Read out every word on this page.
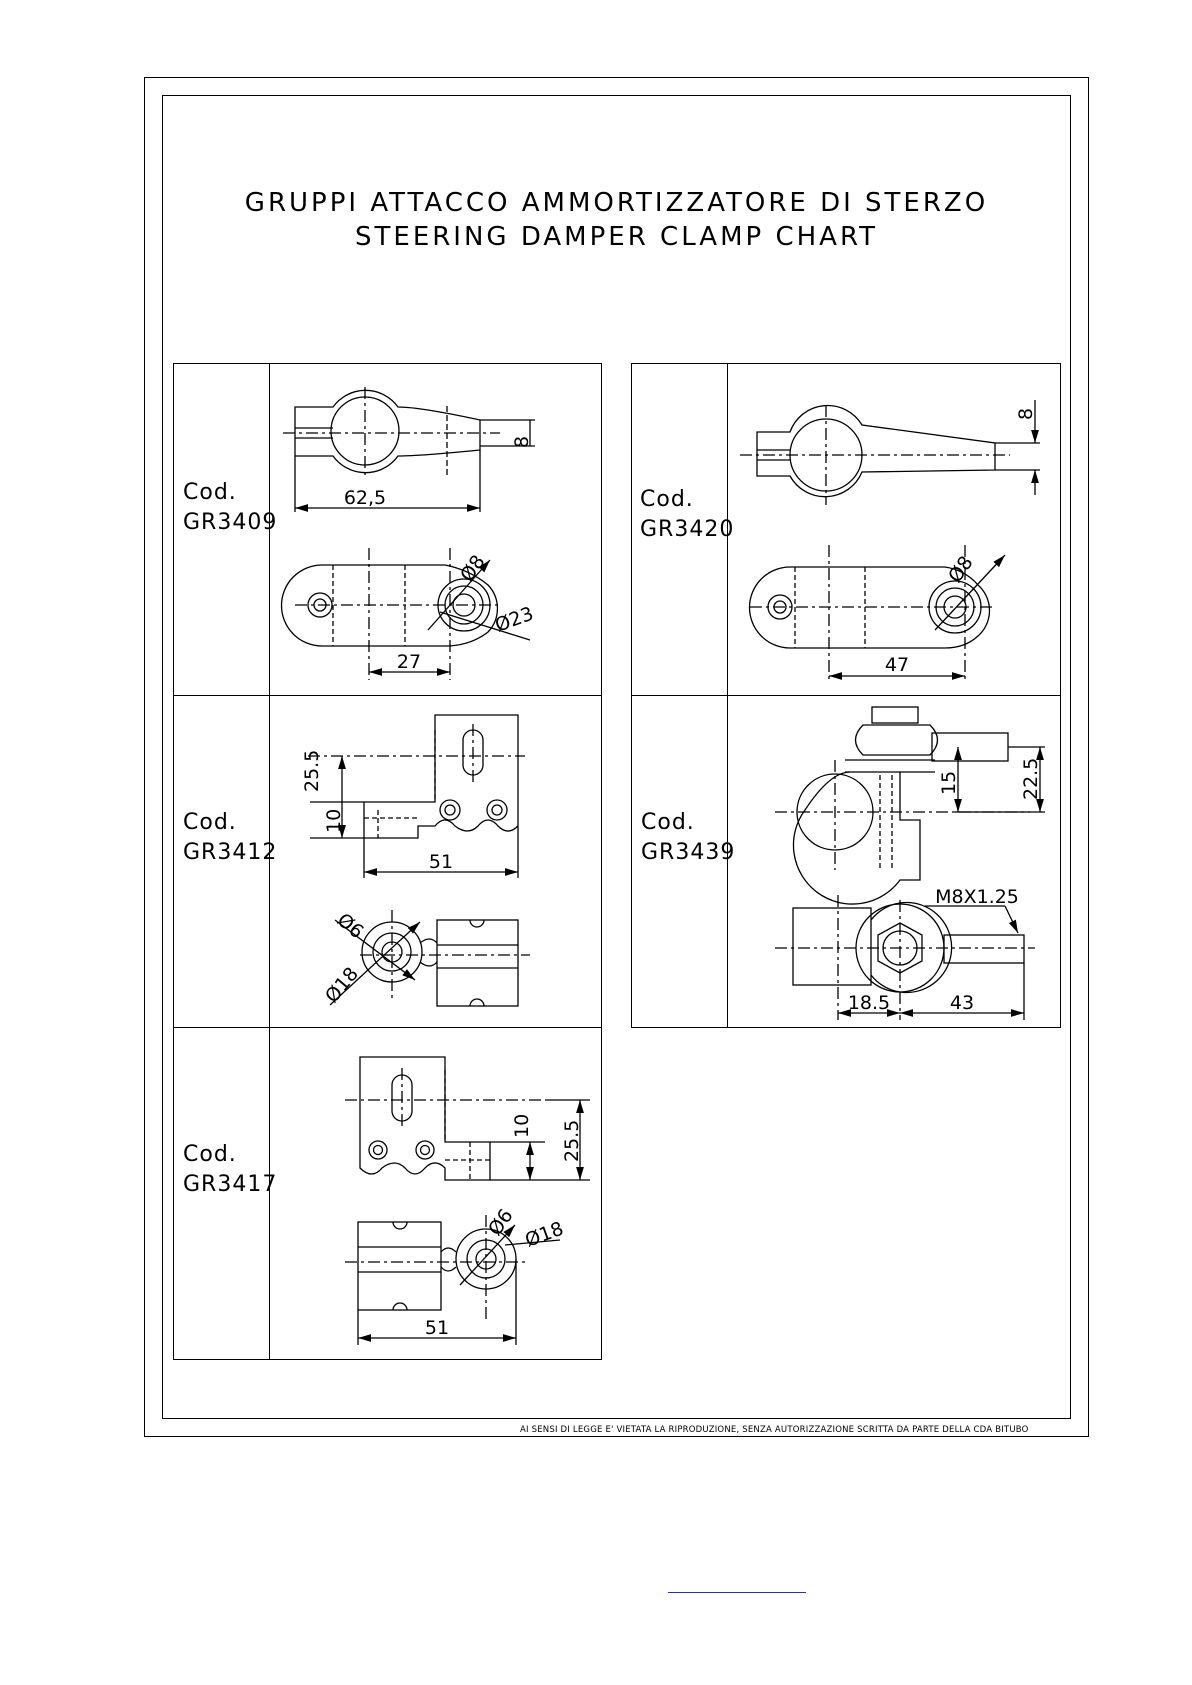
GRUPPI ATTACCO AMMORTIZZATORE DI STERZO
STEERING DAMPER CLAMP CHART
Cod.
GR3409
Cod.
GR3412
Cod.
GR3417
Cod.
GR3420
Cod.
GR3439
62,5
8
27
Ø8
Ø23
8
47
Ø8
25.5
10
51
Ø6
Ø18
10 25.5
Ø6 Ø18
51
15	22.5
M8X1.25
18.5	43
AI SENSI DI LEGGE E' VIETATA LA RIPRODUZIONE, SENZA AUTORIZZAZIONE SCRITTA DA PARTE DELLA CDA BITUBO
